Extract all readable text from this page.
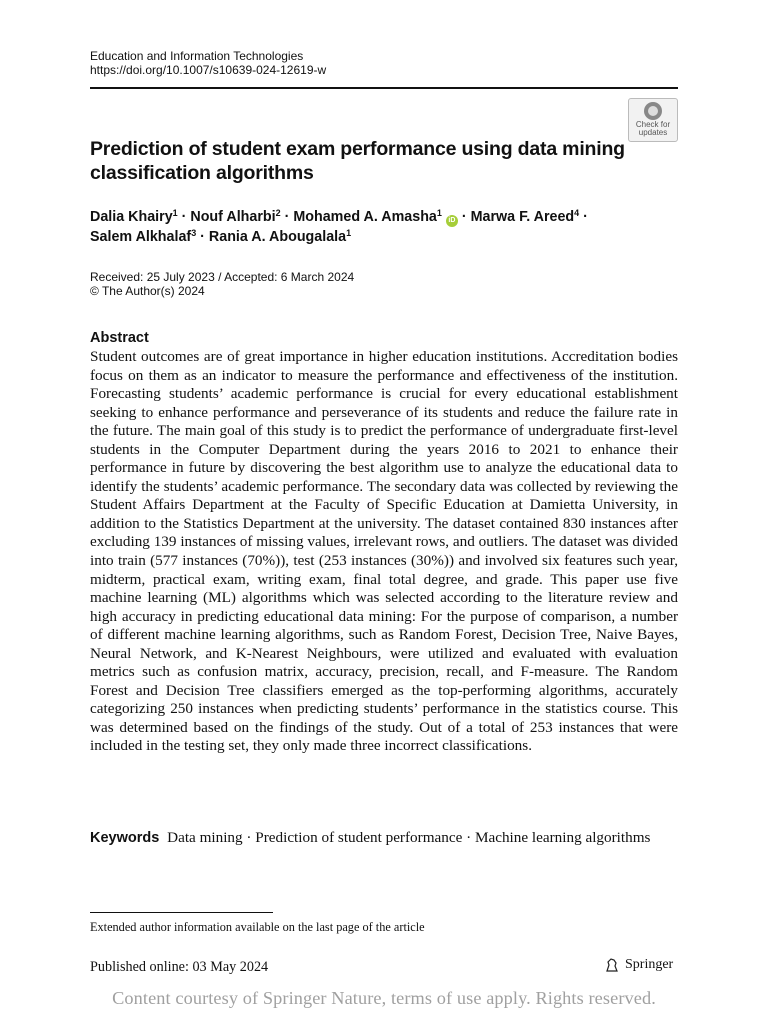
Education and Information Technologies
https://doi.org/10.1007/s10639-024-12619-w
Check for
updates
Prediction of student exam performance using data mining classification algorithms
Dalia Khairy$^1$ · Nouf Alharbi$^2$ · Mohamed A. Amasha$^1$ iD · Marwa F. Areed$^4$ ·
Salem Alkhalaf$^3$ · Rania A. Abougalala$^1$
Received: 25 July 2023 / Accepted: 6 March 2024
© The Author(s) 2024
Abstract

Student outcomes are of great importance in higher education institutions. Accreditation bodies focus on them as an indicator to measure the performance and effectiveness of the institution. Forecasting students’ academic performance is crucial for every educational establishment seeking to enhance performance and perseverance of its students and reduce the failure rate in the future. The main goal of this study is to predict the performance of undergraduate first-level students in the Computer Department during the years 2016 to 2021 to enhance their performance in future by discovering the best algorithm use to analyze the educational data to identify the students’ academic performance. The secondary data was collected by reviewing the Student Affairs Department at the Faculty of Specific Education at Damietta University, in addition to the Statistics Department at the university. The dataset contained 830 instances after excluding 139 instances of missing values, irrelevant rows, and outliers. The dataset was divided into train (577 instances (70%)), test (253 instances (30%)) and involved six features such year, midterm, practical exam, writing exam, final total degree, and grade. This paper use five machine learning (ML) algorithms which was selected according to the literature review and high accuracy in predicting educational data mining: For the purpose of comparison, a number of different machine learning algorithms, such as Random Forest, Decision Tree, Naive Bayes, Neural Network, and K-Nearest Neighbours, were utilized and evaluated with evaluation metrics such as confusion matrix, accuracy, precision, recall, and F-measure. The Random Forest and Decision Tree classifiers emerged as the top-performing algorithms, accurately categorizing 250 instances when predicting students’ performance in the statistics course. This was determined based on the findings of the study. Out of a total of 253 instances that were included in the testing set, they only made three incorrect classifications.

Keywords Data mining · Prediction of student performance · Machine learning algorithms
Extended author information available on the last page of the article
Published online: 03 May 2024	Springer
Content courtesy of Springer Nature, terms of use apply. Rights reserved.
